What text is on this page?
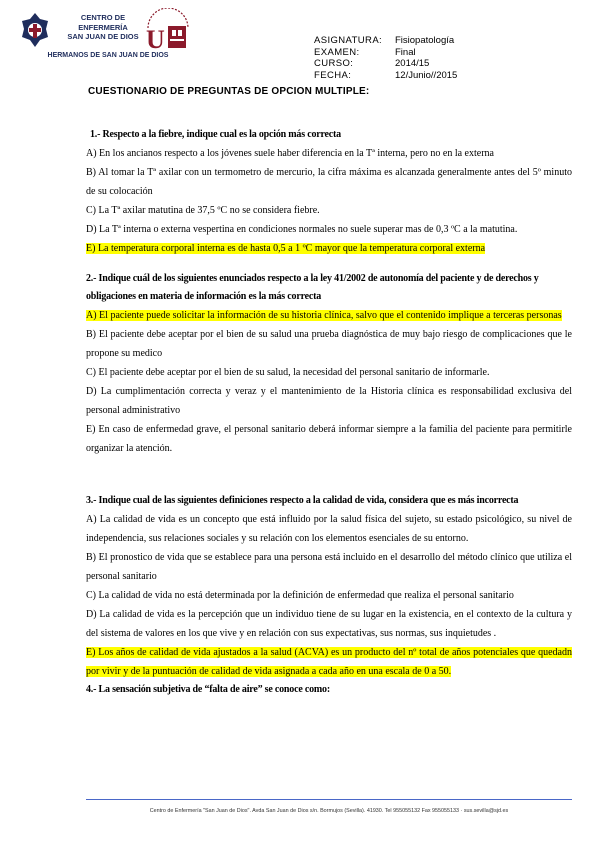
CENTRO DE
ENFERMERÍA
SAN JUAN DE DIOS U
HERMANOS DE SAN JUAN DE DIOS
ASIGNATURA:	Fisiopatología
EXAMEN:	Final
CURSO:	2014/15
FECHA:	12/Junio//2015
CUESTIONARIO DE PREGUNTAS DE OPCION MULTIPLE:
1.- Respecto a la fiebre, indique cual es la opción más correcta
A) En los ancianos respecto a los jóvenes suele haber diferencia en la Tª interna, pero no en la externa
B) Al tomar la Tª axilar con un termometro de mercurio, la cifra máxima es alcanzada generalmente antes del 5º minuto de su colocación
C) La Tª axilar matutina de 37,5 ºC no se considera fiebre.
D) La Tª interna o externa vespertina en condiciones normales no suele superar mas de 0,3 ºC a la matutina.
E) La temperatura corporal interna es de hasta 0,5 a 1 ºC mayor que la temperatura corporal externa
2.- Indique cuál de los siguientes enunciados respecto a la ley 41/2002 de autonomía del paciente y de derechos y obligaciones en materia de información es la más correcta
A) El paciente puede solicitar la información de su historia clínica, salvo que el contenido implique a terceras personas
B) El paciente debe aceptar por el bien de su salud una prueba diagnóstica de muy bajo riesgo de complicaciones que le propone su medico
C) El paciente debe aceptar por el bien de su salud, la necesidad del personal sanitario de informarle.
D) La cumplimentación correcta y veraz y el mantenimiento de la Historia clínica es responsabilidad exclusiva del personal administrativo
E) En caso de enfermedad grave, el personal sanitario deberá informar siempre a la familia del paciente para permitirle organizar la atención.
3.- Indique cual de las siguientes definiciones respecto a la calidad de vida, considera que es más incorrecta
A) La calidad de vida es un concepto que está influido por la salud física del sujeto, su estado psicológico, su nivel de independencia, sus relaciones sociales y su relación con los elementos esenciales de su entorno.
B) El pronostico de vida que se establece para una persona está incluido en el desarrollo del método clínico que utiliza el personal sanitario
C) La calidad de vida no está determinada por la definición de enfermedad que realiza el personal sanitario
D) La calidad de vida es la percepción que un individuo tiene de su lugar en la existencia, en el contexto de la cultura y del sistema de valores en los que vive y en relación con sus expectativas, sus normas, sus inquietudes .
E) Los años de calidad de vida ajustados a la salud (ACVA) es un producto del nº total de años potenciales que quedadn por vivir y de la puntuación de calidad de vida asignada a cada año en una escala de 0 a 50.
4.- La sensación subjetiva de “falta de aire” se conoce como:
Centro de Enfermería "San Juan de Dios". Avda San Juan de Dios s/n. Bormujos (Sevilla). 41930. Tel 955055132 Fax 955055133 · sus.sevilla@sjd.es
